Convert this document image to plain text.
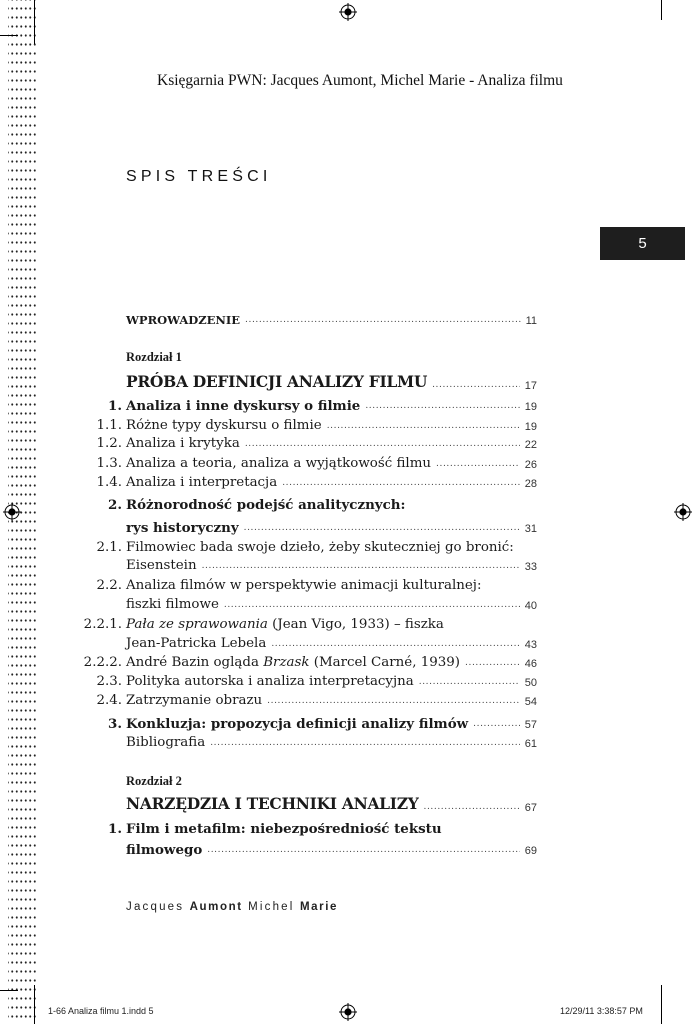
Księgarnia PWN: Jacques Aumont, Michel Marie - Analiza filmu
SPIS TREŚCI
5
WPROWADZENIE .....	11
Rozdział 1
PRÓBA DEFINICJI ANALIZY FILMU .....	17
1. Analiza i inne dyskursy o filmie .....	19
1.1. Różne typy dyskursu o filmie .....	19
1.2. Analiza i krytyka .....	22
1.3. Analiza a teoria, analiza a wyjątkowość filmu .....	26
1.4. Analiza i interpretacja .....	28
2. Różnorodność podejść analitycznych:
rys historyczny .....	31
2.1. Filmowiec bada swoje dzieło, żeby skuteczniej go bronić:
Eisenstein .....	33
2.2. Analiza filmów w perspektywie animacji kulturalnej:
fiszki filmowe .....	40
2.2.1. Pała ze sprawowania (Jean Vigo, 1933) – fiszka
Jean-Patricka Lebela .....	43
2.2.2. André Bazin ogląda Brzask (Marcel Carné, 1939) .....	46
2.3. Polityka autorska i analiza interpretacyjna .....	50
2.4. Zatrzymanie obrazu .....	54
3. Konkluzja: propozycja definicji analizy filmów .....	57
Bibliografia .....	61
Rozdział 2
NARZĘDZIA I TECHNIKI ANALIZY .....	67
1. Film i metafilm: niebezpośredniość tekstu
filmowego .....	69
Jacques Aumont Michel Marie
1-66 Analiza filmu 1.indd 5	12/29/11 3:38:57 PM
